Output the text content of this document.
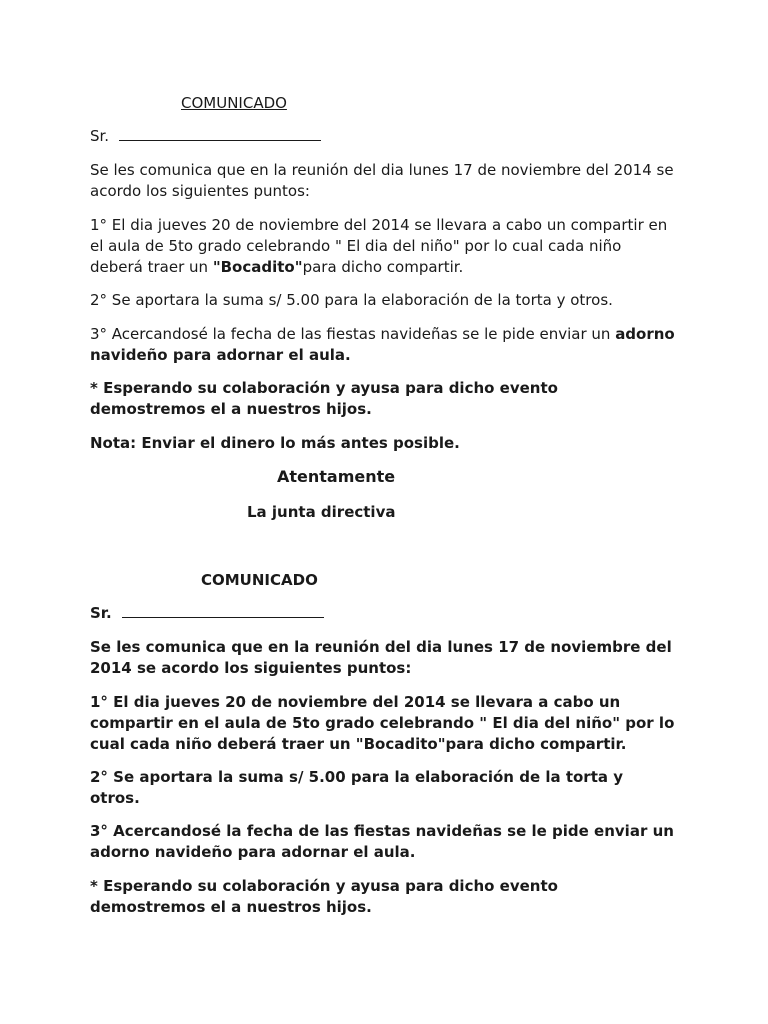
COMUNICADO

Sr.

Se les comunica que en la reunión del dia lunes 17 de noviembre del 2014 se

acordo los siguientes puntos:

1° El dia jueves 20 de noviembre del 2014 se llevara a cabo un compartir en

el aula de 5to grado celebrando " El dia del niño" por lo cual cada niño

deberá traer un "Bocadito"para dicho compartir.

2° Se aportara la suma s/ 5.00 para la elaboración de la torta y otros.

3° Acercandosé la fecha de las fiestas navideñas se le pide enviar un adorno

navideño para adornar el aula.

* Esperando su colaboración y ayusa para dicho evento

demostremos el a nuestros hijos.

Nota: Enviar el dinero lo más antes posible.

Atentamente

La junta directiva

COMUNICADO

Sr.

Se les comunica que en la reunión del dia lunes 17 de noviembre del

2014 se acordo los siguientes puntos:

1° El dia jueves 20 de noviembre del 2014 se llevara a cabo un

compartir en el aula de 5to grado celebrando " El dia del niño" por lo

cual cada niño deberá traer un "Bocadito"para dicho compartir.

2° Se aportara la suma s/ 5.00 para la elaboración de la torta y

otros.

3° Acercandosé la fecha de las fiestas navideñas se le pide enviar un

adorno navideño para adornar el aula.

* Esperando su colaboración y ayusa para dicho evento

demostremos el a nuestros hijos.
